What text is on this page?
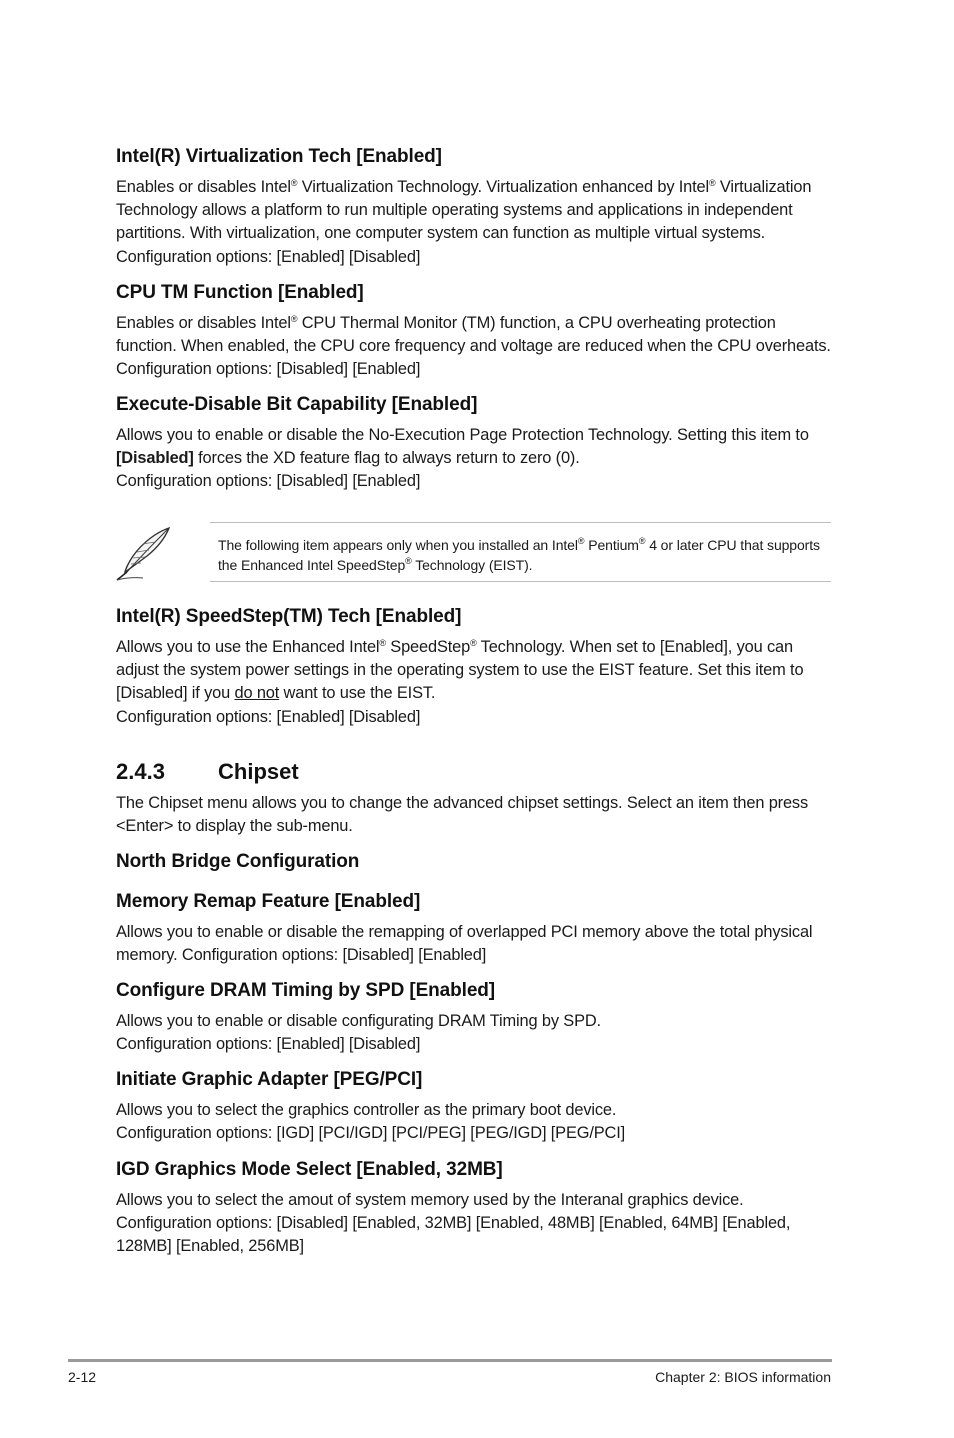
Intel(R) Virtualization Tech [Enabled]

Enables or disables Intel® Virtualization Technology. Virtualization enhanced by Intel® Virtualization Technology allows a platform to run multiple operating systems and applications in independent partitions. With virtualization, one computer system can function as multiple virtual systems. Configuration options: [Enabled] [Disabled]

CPU TM Function [Enabled]

Enables or disables Intel® CPU Thermal Monitor (TM) function, a CPU overheating protection function. When enabled, the CPU core frequency and voltage are reduced when the CPU overheats. Configuration options: [Disabled] [Enabled]

Execute-Disable Bit Capability [Enabled]

Allows you to enable or disable the No-Execution Page Protection Technology. Setting this item to [Disabled] forces the XD feature flag to always return to zero (0).
Configuration options: [Disabled] [Enabled]

The following item appears only when you installed an Intel® Pentium® 4 or later CPU that supports the Enhanced Intel SpeedStep® Technology (EIST).

Intel(R) SpeedStep(TM) Tech [Enabled]

Allows you to use the Enhanced Intel® SpeedStep® Technology. When set to [Enabled], you can adjust the system power settings in the operating system to use the EIST feature. Set this item to [Disabled] if you do not want to use the EIST.
Configuration options: [Enabled] [Disabled]

2.4.3 Chipset

The Chipset menu allows you to change the advanced chipset settings. Select an item then press <Enter> to display the sub-menu.

North Bridge Configuration
Memory Remap Feature [Enabled]

Allows you to enable or disable the remapping of overlapped PCI memory above the total physical memory. Configuration options: [Disabled] [Enabled]

Configure DRAM Timing by SPD [Enabled]

Allows you to enable or disable configurating DRAM Timing by SPD.
Configuration options: [Enabled] [Disabled]

Initiate Graphic Adapter [PEG/PCI]

Allows you to select the graphics controller as the primary boot device.
Configuration options: [IGD] [PCI/IGD] [PCI/PEG] [PEG/IGD] [PEG/PCI]

IGD Graphics Mode Select [Enabled, 32MB]

Allows you to select the amout of system memory used by the Interanal graphics device.
Configuration options: [Disabled] [Enabled, 32MB] [Enabled, 48MB] [Enabled, 64MB] [Enabled, 128MB] [Enabled, 256MB]

2-12	Chapter 2: BIOS information
